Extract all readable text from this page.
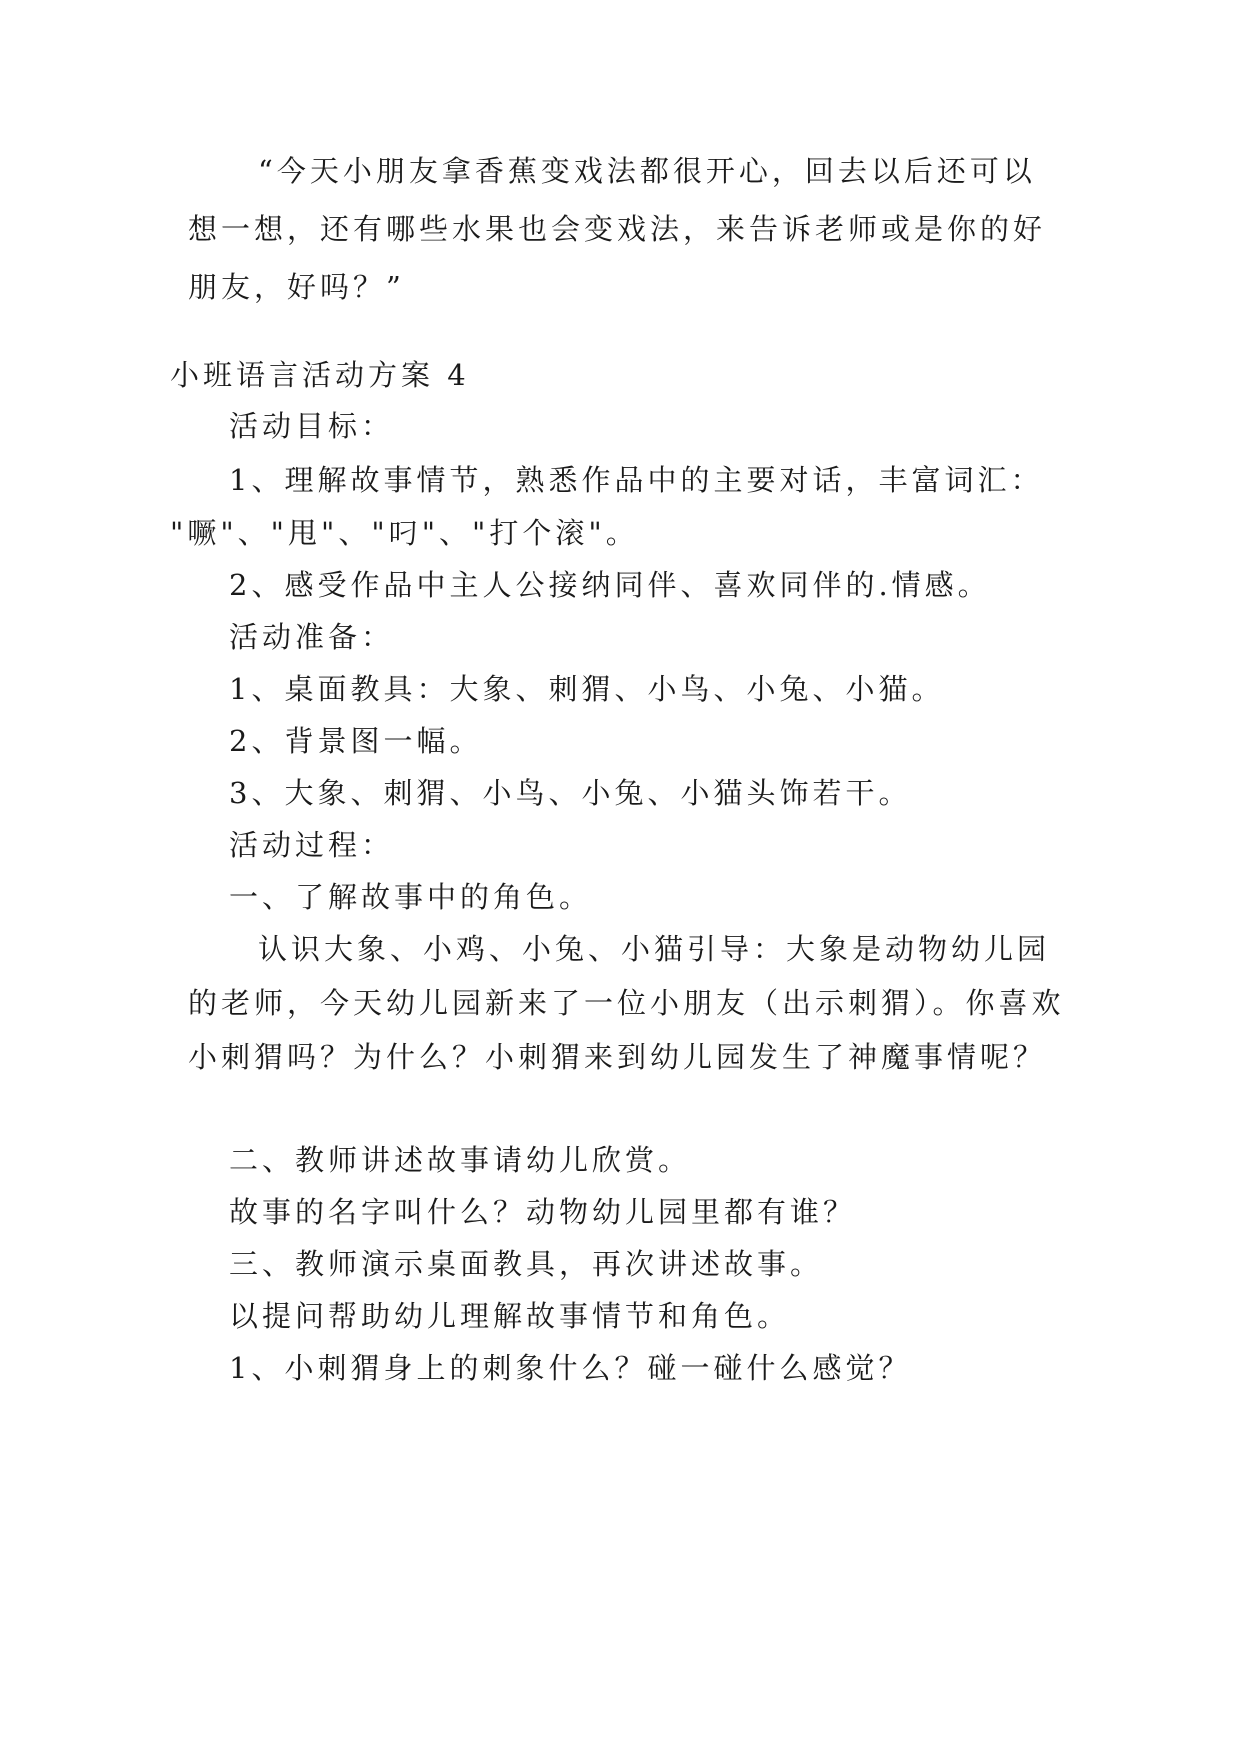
“今天小朋友拿香蕉变戏法都很开心，回去以后还可以想一想，还有哪些水果也会变戏法，来告诉老师或是你的好朋友，好吗？”

小班语言活动方案 4

活动目标：

1、理解故事情节，熟悉作品中的主要对话，丰富词汇：

"噘"、"甩"、"叼"、"打个滚"。

2、感受作品中主人公接纳同伴、喜欢同伴的.情感。

活动准备：

1、桌面教具：大象、刺猬、小鸟、小兔、小猫。

2、背景图一幅。

3、大象、刺猬、小鸟、小兔、小猫头饰若干。

活动过程：

一、了解故事中的角色。

认识大象、小鸡、小兔、小猫引导：大象是动物幼儿园的老师，今天幼儿园新来了一位小朋友（出示刺猬）。你喜欢小刺猬吗？为什么？小刺猬来到幼儿园发生了神魔事情呢？

二、教师讲述故事请幼儿欣赏。

故事的名字叫什么？动物幼儿园里都有谁？

三、教师演示桌面教具，再次讲述故事。

以提问帮助幼儿理解故事情节和角色。

1、小刺猬身上的刺象什么？碰一碰什么感觉？
